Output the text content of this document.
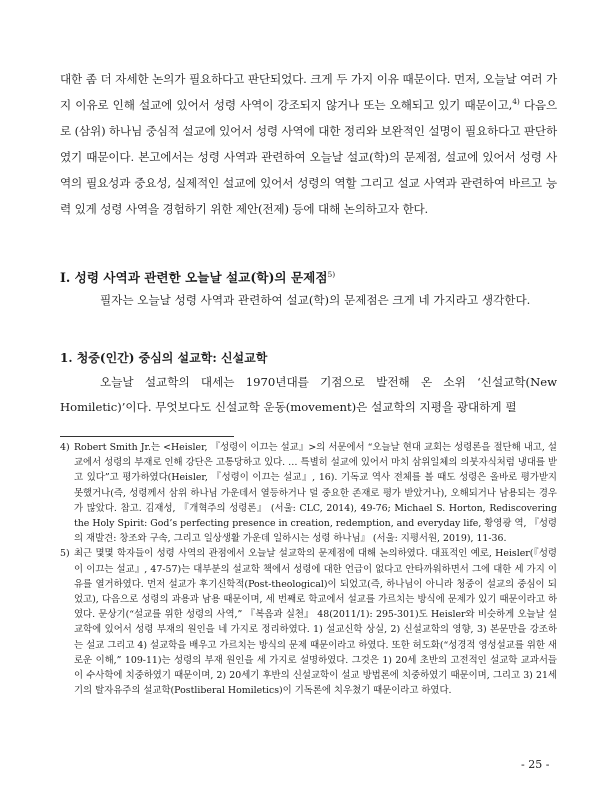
대한 좀 더 자세한 논의가 필요하다고 판단되었다. 크게 두 가지 이유 때문이다. 먼저, 오늘날 여러 가지 이유로 인해 설교에 있어서 성령 사역이 강조되지 않거나 또는 오해되고 있기 때문이고,$^{4)}$ 다음으로 (삼위) 하나님 중심적 설교에 있어서 성령 사역에 대한 정리와 보완적인 설명이 필요하다고 판단하였기 때문이다. 본고에서는 성령 사역과 관련하여 오늘날 설교(학)의 문제점, 설교에 있어서 성령 사역의 필요성과 중요성, 실제적인 설교에 있어서 성령의 역할 그리고 설교 사역과 관련하여 바르고 능력 있게 성령 사역을 경험하기 위한 제안(전제) 등에 대해 논의하고자 한다.

I. 성령 사역과 관련한 오늘날 설교(학)의 문제점$^{5)}$

필자는 오늘날 성령 사역과 관련하여 설교(학)의 문제점은 크게 네 가지라고 생각한다.

1. 청중(인간) 중심의 설교학: 신설교학

오늘날 설교학의 대세는 1970년대를 기점으로 발전해 온 소위 ‘신설교학(New Homiletic)’이다. 무엇보다도 신설교학 운동(movement)은 설교학의 지평을 광대하게 펼

4) Robert Smith Jr.는 <Heisler, 『성령이 이끄는 설교』>의 서문에서 “오늘날 현대 교회는 성령론을 절단해 내고, 설교에서 성령의 부재로 인해 강단은 고통당하고 있다. … 특별히 설교에 있어서 마치 삼위일체의 의붓자식처럼 냉대를 받고 있다”고 평가하였다(Heisler, 『성령이 이끄는 설교』, 16). 기독교 역사 전체를 볼 때도 성령은 올바로 평가받지 못했거나(즉, 성령께서 삼위 하나님 가운데서 열등하거나 덜 중요한 존재로 평가 받았거나), 오해되거나 남용되는 경우가 많았다. 참고. 김재성, 『개혁주의 성령론』 (서울: CLC, 2014), 49-76; Michael S. Horton, Rediscovering the Holy Spirit: God’s perfecting presence in creation, redemption, and everyday life, 황영광 역, 『성령의 재발견: 창조와 구속, 그리고 일상생활 가운데 일하시는 성령 하나님』 (서울: 지평서원, 2019), 11-36.
5) 최근 몇몇 학자들이 성령 사역의 관점에서 오늘날 설교학의 문제점에 대해 논의하였다. 대표적인 예로, Heisler(『성령이 이끄는 설교』, 47-57)는 대부분의 설교학 책에서 성령에 대한 언급이 없다고 안타까워하면서 그에 대한 세 가지 이유를 열거하였다. 먼저 설교가 후기신학적(Post-theological)이 되었고(즉, 하나님이 아니라 청중이 설교의 중심이 되었고), 다음으로 성령의 과용과 남용 때문이며, 세 번째로 학교에서 설교를 가르치는 방식에 문제가 있기 때문이라고 하였다. 문상기(“설교를 위한 성령의 사역,” 『복음과 실천』 48(2011/1): 295-301)도 Heisler와 비슷하게 오늘날 설교학에 있어서 성령 부재의 원인을 네 가지로 정리하였다. 1) 설교신학 상실, 2) 신설교학의 영향, 3) 본문만을 강조하는 설교 그리고 4) 설교학을 배우고 가르치는 방식의 문제 때문이라고 하였다. 또한 허도화(“성경적 영성설교를 위한 새로운 이해,” 109-11)는 성령의 부재 원인을 세 가지로 설명하였다. 그것은 1) 20세 초반의 고전적인 설교학 교과서들이 수사학에 치중하였기 때문이며, 2) 20세기 후반의 신설교학이 설교 방법론에 치중하였기 때문이며, 그리고 3) 21세기의 탈자유주의 설교학(Postliberal Homiletics)이 기독론에 치우쳤기 때문이라고 하였다.

- 25 -
